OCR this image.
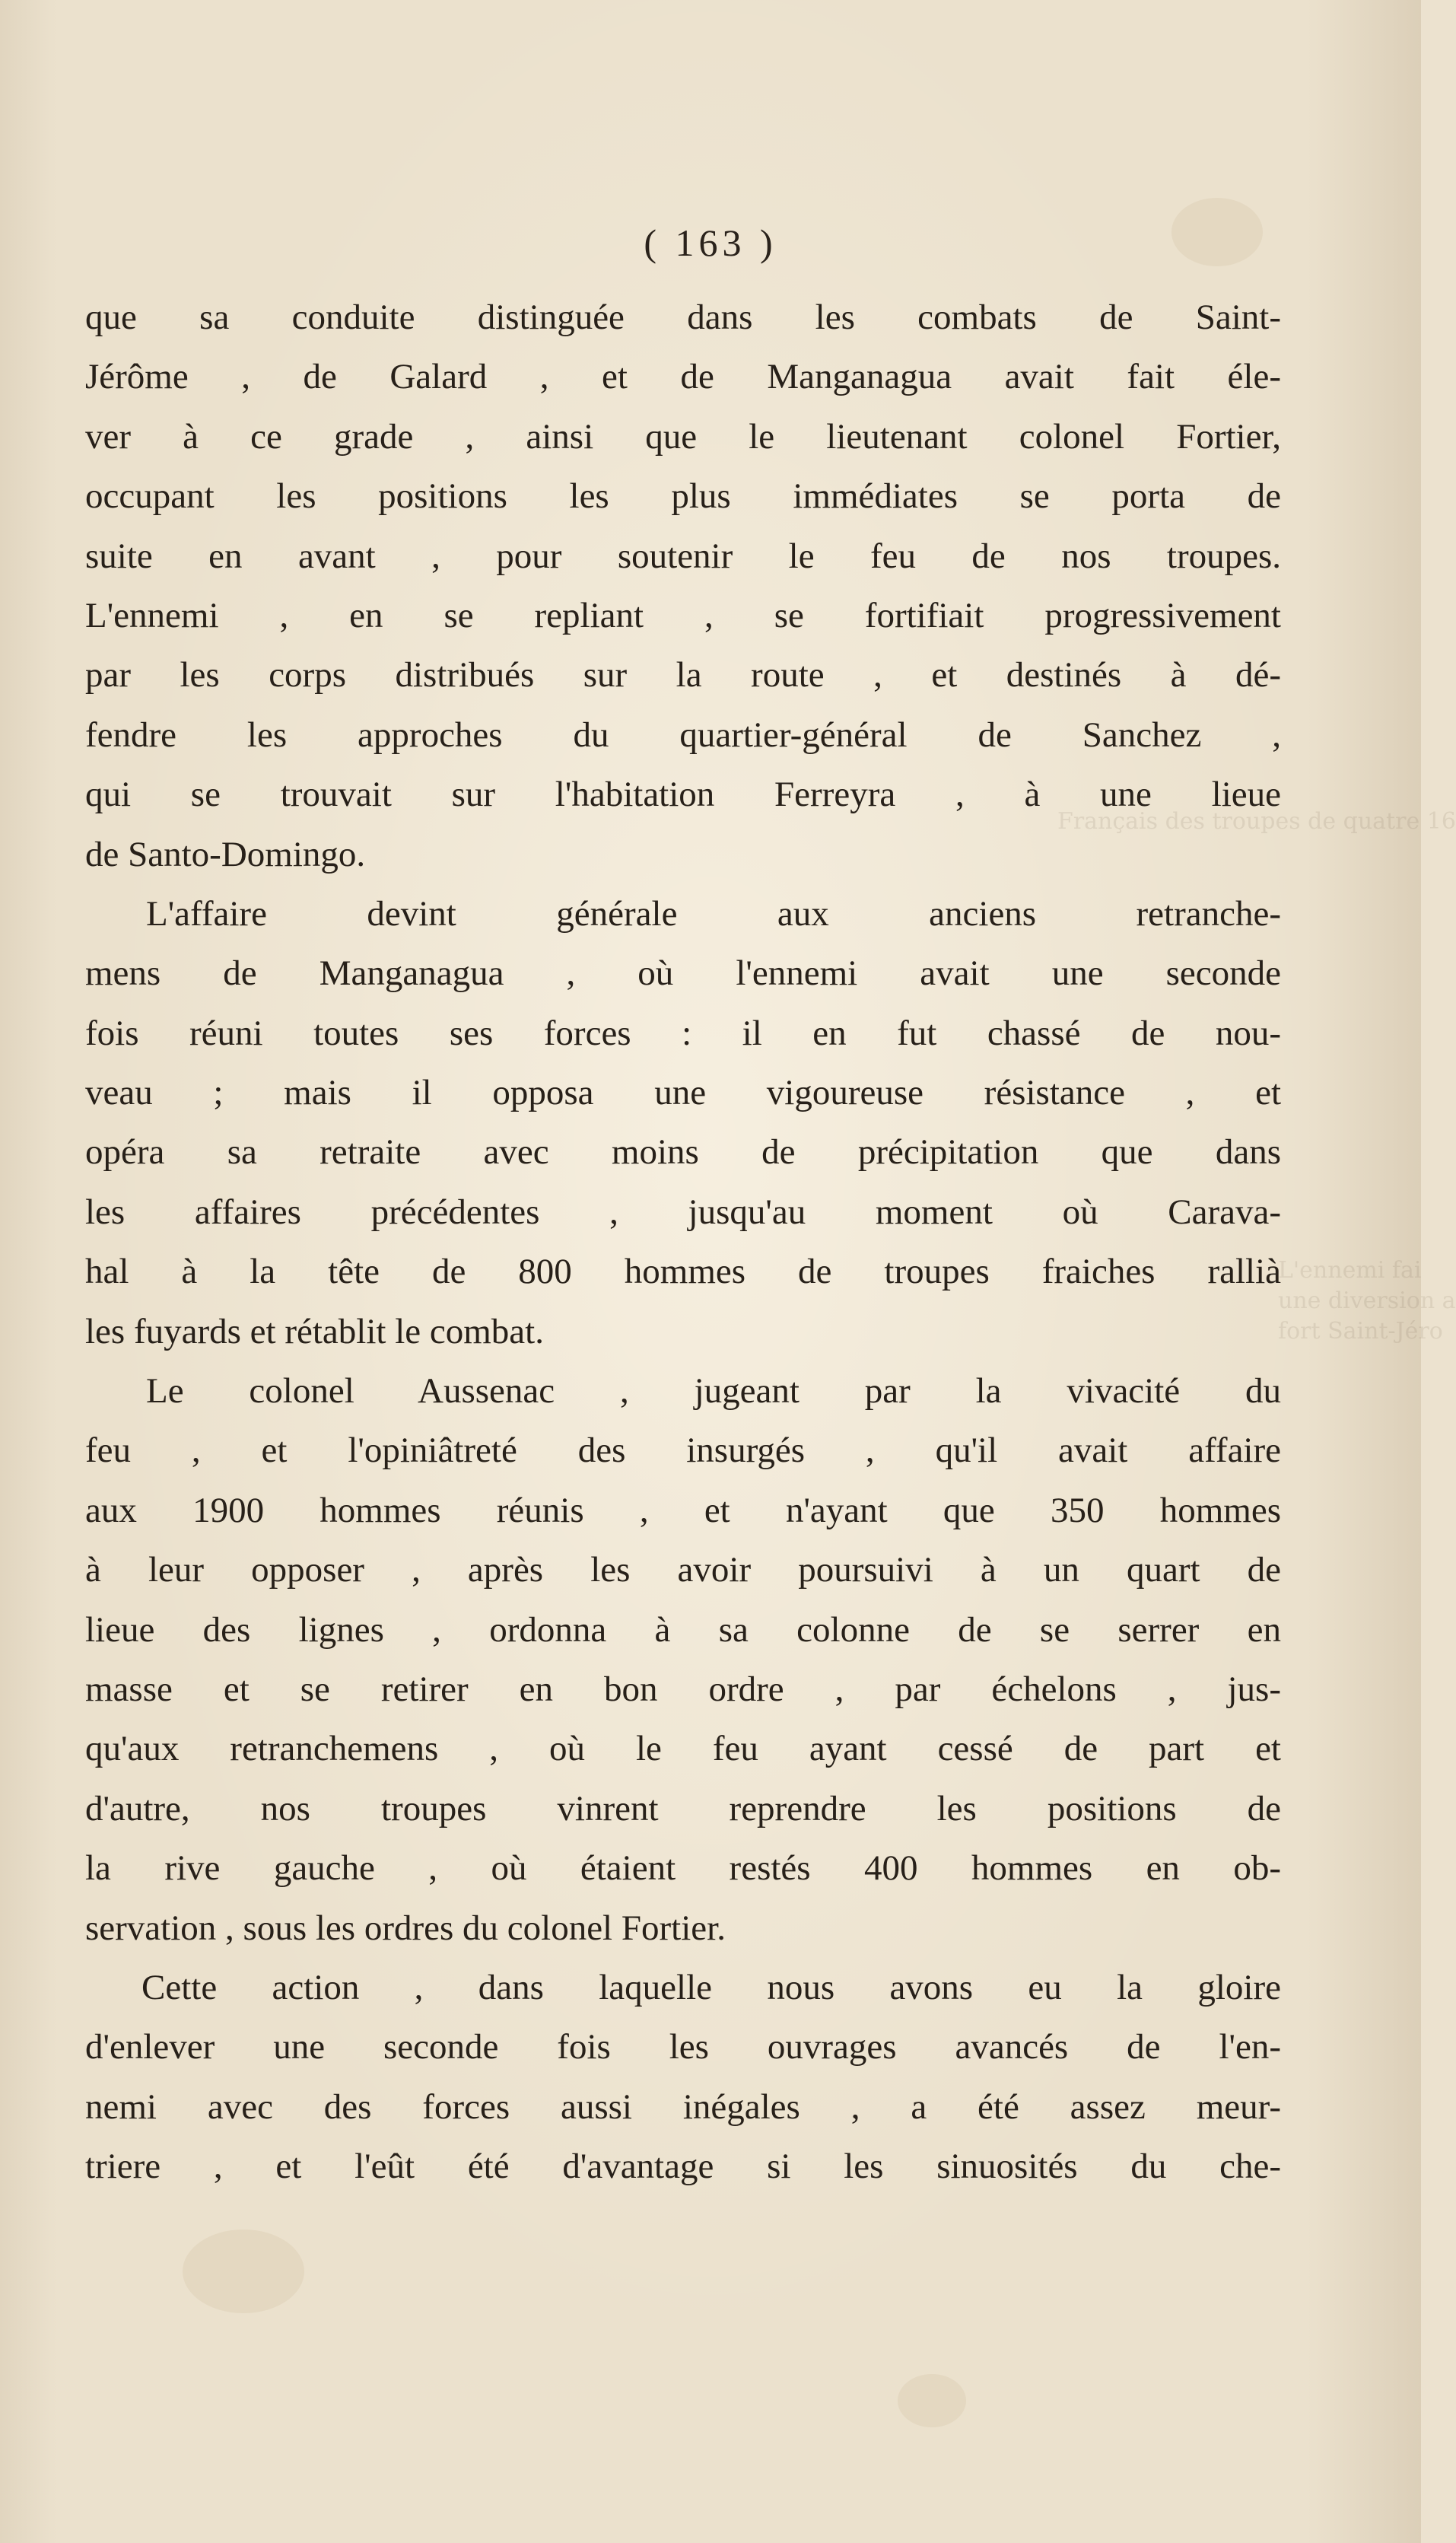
Français des troupes de quatre 16
L'ennemi fai
une diversion a
fort Saint-Jéro
( 163 )
que sa conduite distinguée dans les combats de Saint-
Jérôme , de Galard , et de Manganagua avait fait éle-
ver à ce grade , ainsi que le lieutenant colonel Fortier,
occupant les positions les plus immédiates se porta de
suite en avant , pour soutenir le feu de nos troupes.
L'ennemi , en se repliant , se fortifiait progressivement
par les corps distribués sur la route , et destinés à dé-
fendre les approches du quartier-général de Sanchez ,
qui se trouvait sur l'habitation Ferreyra , à une lieue
de Santo-Domingo.
L'affaire devint générale aux anciens retranche-
mens de Manganagua , où l'ennemi avait une seconde
fois réuni toutes ses forces : il en fut chassé de nou-
veau ; mais il opposa une vigoureuse résistance , et
opéra sa retraite avec moins de précipitation que dans
les affaires précédentes , jusqu'au moment où Carava-
hal à la tête de 800 hommes de troupes fraiches rallià
les fuyards et rétablit le combat.
Le colonel Aussenac , jugeant par la vivacité du
feu , et l'opiniâtreté des insurgés , qu'il avait affaire
aux 1900 hommes réunis , et n'ayant que 350 hommes
à leur opposer , après les avoir poursuivi à un quart de
lieue des lignes , ordonna à sa colonne de se serrer en
masse et se retirer en bon ordre , par échelons , jus-
qu'aux retranchemens , où le feu ayant cessé de part et
d'autre, nos troupes vinrent reprendre les positions de
la rive gauche , où étaient restés 400 hommes en ob-
servation , sous les ordres du colonel Fortier.
Cette action , dans laquelle nous avons eu la gloire
d'enlever une seconde fois les ouvrages avancés de l'en-
nemi avec des forces aussi inégales , a été assez meur-
triere , et l'eût été d'avantage si les sinuosités du che-
